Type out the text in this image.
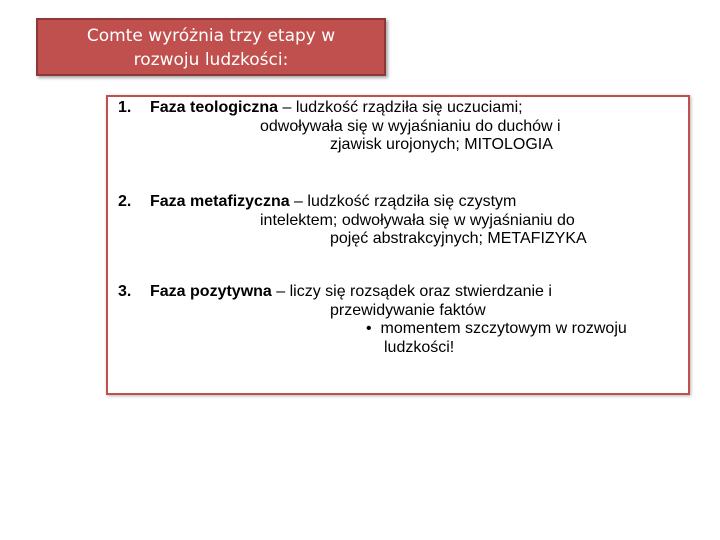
Comte wyróżnia trzy etapy w
rozwoju ludzkości:
1.	Faza teologiczna – ludzkość rządziła się uczuciami;
odwoływała się w wyjaśnianiu do duchów i
zjawisk urojonych; MITOLOGIA
2.	Faza metafizyczna – ludzkość rządziła się czystym
intelektem; odwoływała się w wyjaśnianiu do
pojęć abstrakcyjnych; METAFIZYKA
3.	Faza pozytywna – liczy się rozsądek oraz stwierdzanie i
przewidywanie faktów
• momentem szczytowym w rozwoju
ludzkości!
